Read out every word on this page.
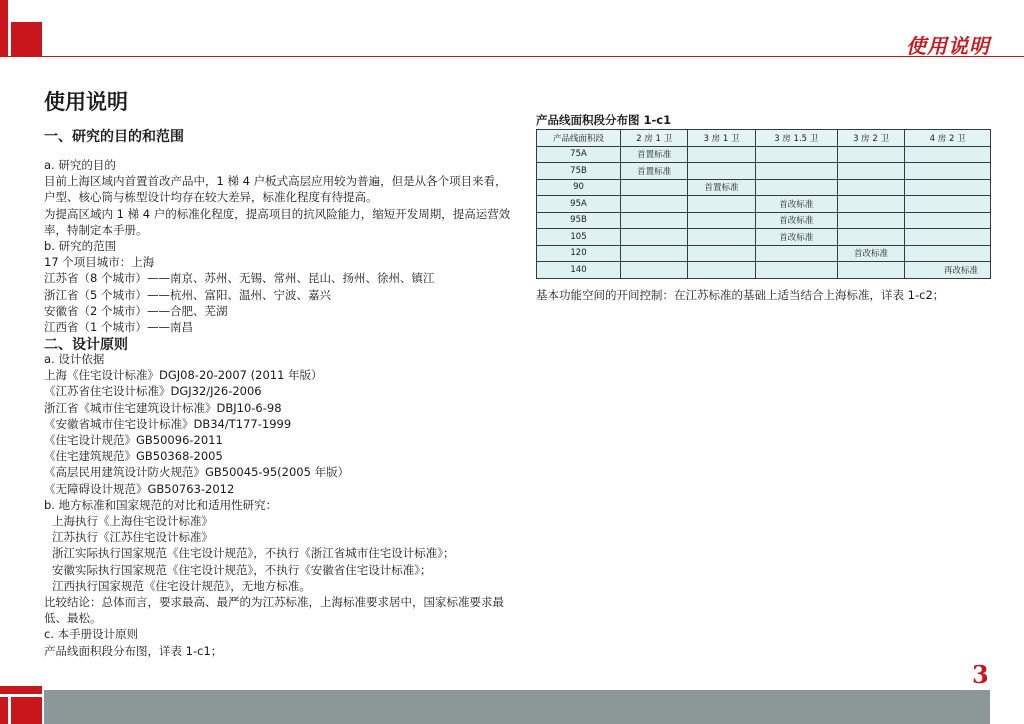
使用说明
使用说明
一、研究的目的和范围

a. 研究的目的

目前上海区域内首置首改产品中，1 梯 4 户板式高层应用较为普遍，但是从各个项目来看，户型、核心筒与栋型设计均存在较大差异，标准化程度有待提高。

为提高区域内 1 梯 4 户的标准化程度，提高项目的抗风险能力，缩短开发周期，提高运营效率，特制定本手册。

b. 研究的范围

17 个项目城市：上海

江苏省（8 个城市）——南京、苏州、无锡、常州、昆山、扬州、徐州、镇江

浙江省（5 个城市）——杭州、富阳、温州、宁波、嘉兴

安徽省（2 个城市）——合肥、芜湖

江西省（1 个城市）——南昌

二、设计原则

a. 设计依据

上海《住宅设计标准》DGJ08-20-2007 (2011 年版）

《江苏省住宅设计标准》DGJ32/J26-2006

浙江省《城市住宅建筑设计标准》DBJ10-6-98

《安徽省城市住宅设计标准》DB34/T177-1999

《住宅设计规范》GB50096-2011

《住宅建筑规范》GB50368-2005

《高层民用建筑设计防火规范》GB50045-95(2005 年版）

《无障碍设计规范》GB50763-2012

b. 地方标准和国家规范的对比和适用性研究：

上海执行《上海住宅设计标准》

江苏执行《江苏住宅设计标准》

浙江实际执行国家规范《住宅设计规范》，不执行《浙江省城市住宅设计标准》；

安徽实际执行国家规范《住宅设计规范》，不执行《安徽省住宅设计标准》；

江西执行国家规范《住宅设计规范》，无地方标准。

比较结论：总体而言，要求最高、最严的为江苏标准，上海标准要求居中，国家标准要求最低、最松。

c. 本手册设计原则

产品线面积段分布图，详表 1-c1；

产品线面积段分布图 1-c1
产品线面积段	2 房 1 卫	3 房 1 卫	3 房 1.5 卫	3 房 2 卫	4 房 2 卫
75A	首置标准				
75B	首置标准				
90		首置标准			
95A			首改标准		
95B			首改标准		
105			首改标准		
120				首改标准	
140					再改标准
基本功能空间的开间控制：在江苏标准的基础上适当结合上海标准，详表 1-c2；
3
